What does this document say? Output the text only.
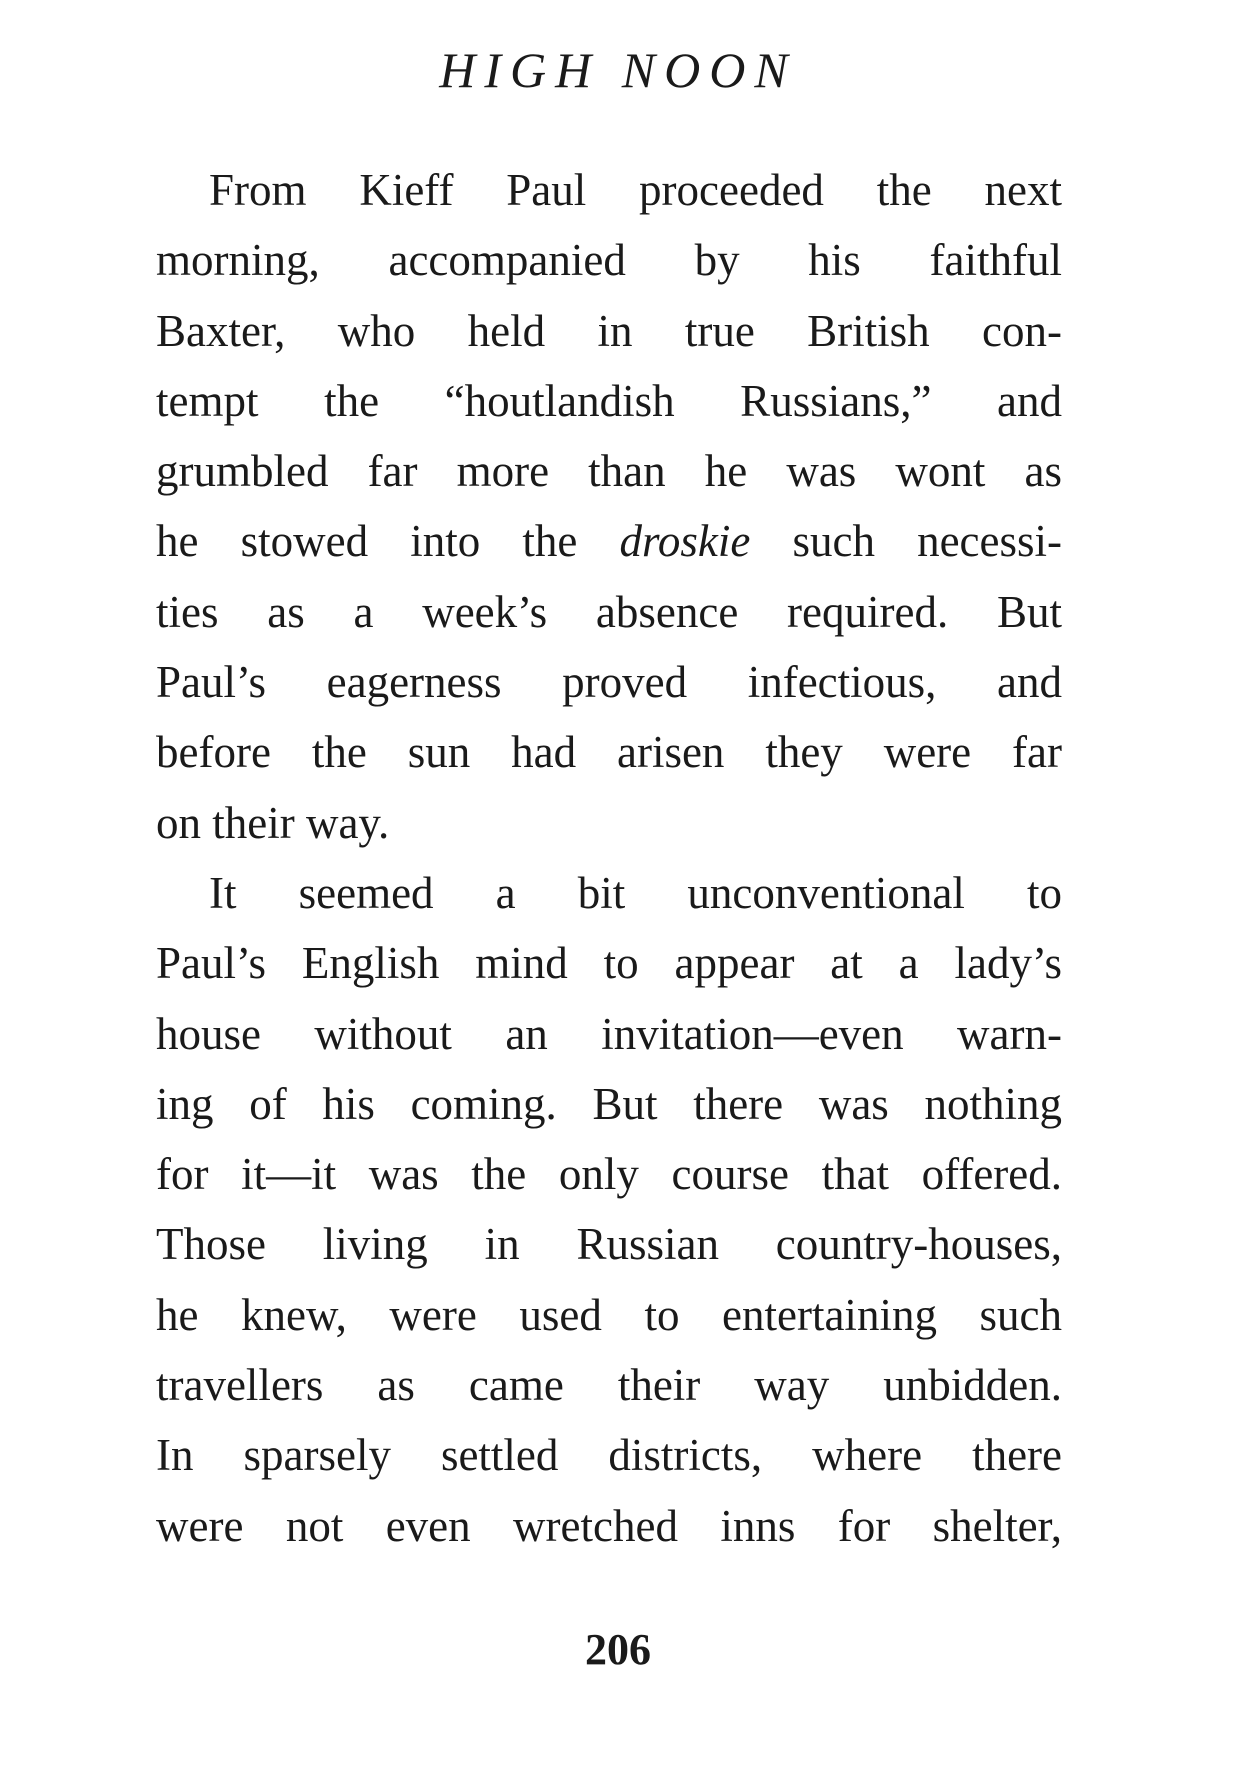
HIGH NOON
From Kieff Paul proceeded the next
morning, accompanied by his faithful
Baxter, who held in true British con-
tempt the “houtlandish Russians,” and
grumbled far more than he was wont as
he stowed into the droskie such necessi-
ties as a week’s absence required. But
Paul’s eagerness proved infectious, and
before the sun had arisen they were far
on their way.
It seemed a bit unconventional to
Paul’s English mind to appear at a lady’s
house without an invitation—even warn-
ing of his coming. But there was nothing
for it—it was the only course that offered.
Those living in Russian country-houses,
he knew, were used to entertaining such
travellers as came their way unbidden.
In sparsely settled districts, where there
were not even wretched inns for shelter,
206
